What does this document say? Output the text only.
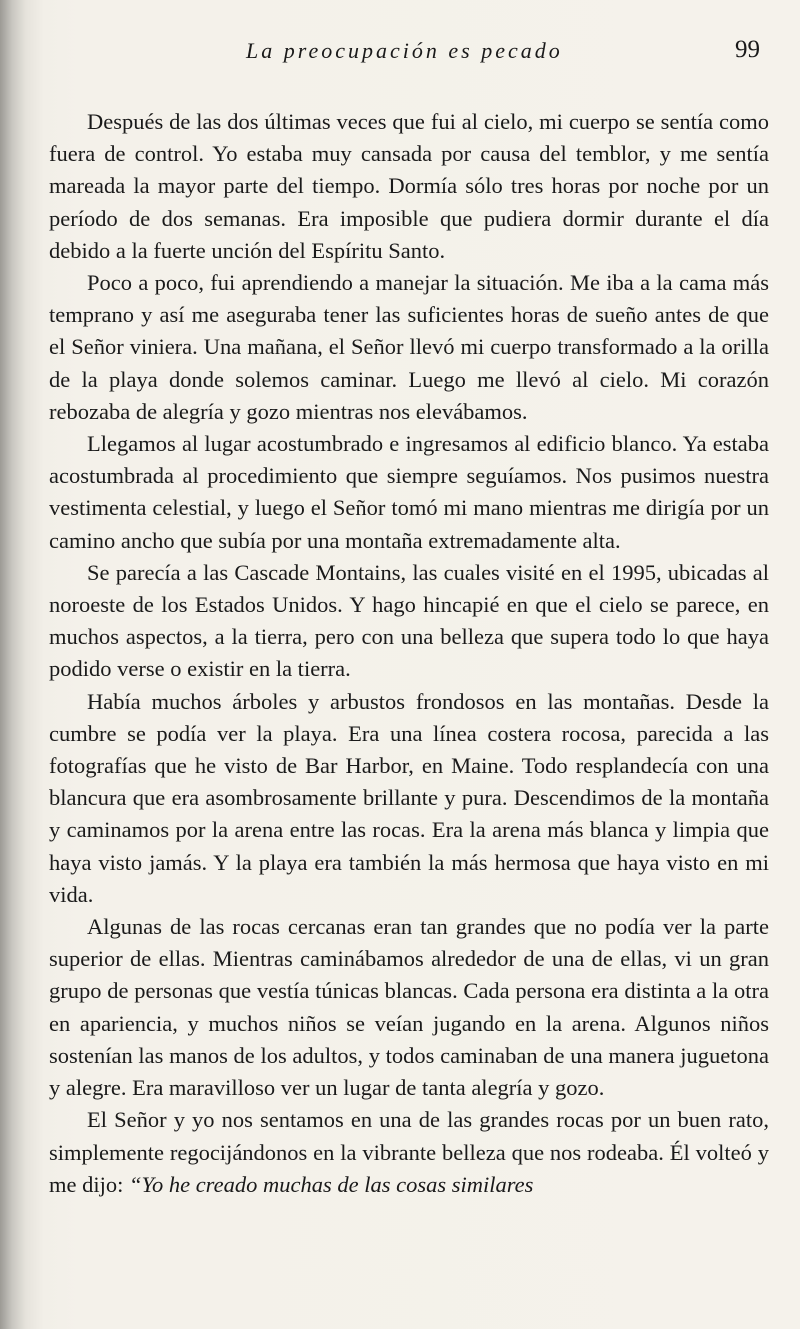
La preocupación es pecado	99

Después de las dos últimas veces que fui al cielo, mi cuerpo se sentía como fuera de control. Yo estaba muy cansada por causa del temblor, y me sentía mareada la mayor parte del tiempo. Dormía sólo tres horas por noche por un período de dos semanas. Era imposible que pudiera dormir durante el día debido a la fuerte unción del Espíritu Santo.

Poco a poco, fui aprendiendo a manejar la situación. Me iba a la cama más temprano y así me aseguraba tener las suficientes horas de sueño antes de que el Señor viniera. Una mañana, el Señor llevó mi cuerpo transformado a la orilla de la playa donde solemos caminar. Luego me llevó al cielo. Mi corazón rebozaba de alegría y gozo mientras nos elevábamos.

Llegamos al lugar acostumbrado e ingresamos al edificio blanco. Ya estaba acostumbrada al procedimiento que siempre seguíamos. Nos pusimos nuestra vestimenta celestial, y luego el Señor tomó mi mano mientras me dirigía por un camino ancho que subía por una montaña extremadamente alta.

Se parecía a las Cascade Montains, las cuales visité en el 1995, ubicadas al noroeste de los Estados Unidos. Y hago hincapié en que el cielo se parece, en muchos aspectos, a la tierra, pero con una belleza que supera todo lo que haya podido verse o existir en la tierra.

Había muchos árboles y arbustos frondosos en las montañas. Desde la cumbre se podía ver la playa. Era una línea costera rocosa, parecida a las fotografías que he visto de Bar Harbor, en Maine. Todo resplandecía con una blancura que era asombrosamente brillante y pura. Descendimos de la montaña y caminamos por la arena entre las rocas. Era la arena más blanca y limpia que haya visto jamás. Y la playa era también la más hermosa que haya visto en mi vida.

Algunas de las rocas cercanas eran tan grandes que no podía ver la parte superior de ellas. Mientras caminábamos alrededor de una de ellas, vi un gran grupo de personas que vestía túnicas blancas. Cada persona era distinta a la otra en apariencia, y muchos niños se veían jugando en la arena. Algunos niños sostenían las manos de los adultos, y todos caminaban de una manera juguetona y alegre. Era maravilloso ver un lugar de tanta alegría y gozo.

El Señor y yo nos sentamos en una de las grandes rocas por un buen rato, simplemente regocijándonos en la vibrante belleza que nos rodeaba. Él volteó y me dijo: “Yo he creado muchas de las cosas similares
